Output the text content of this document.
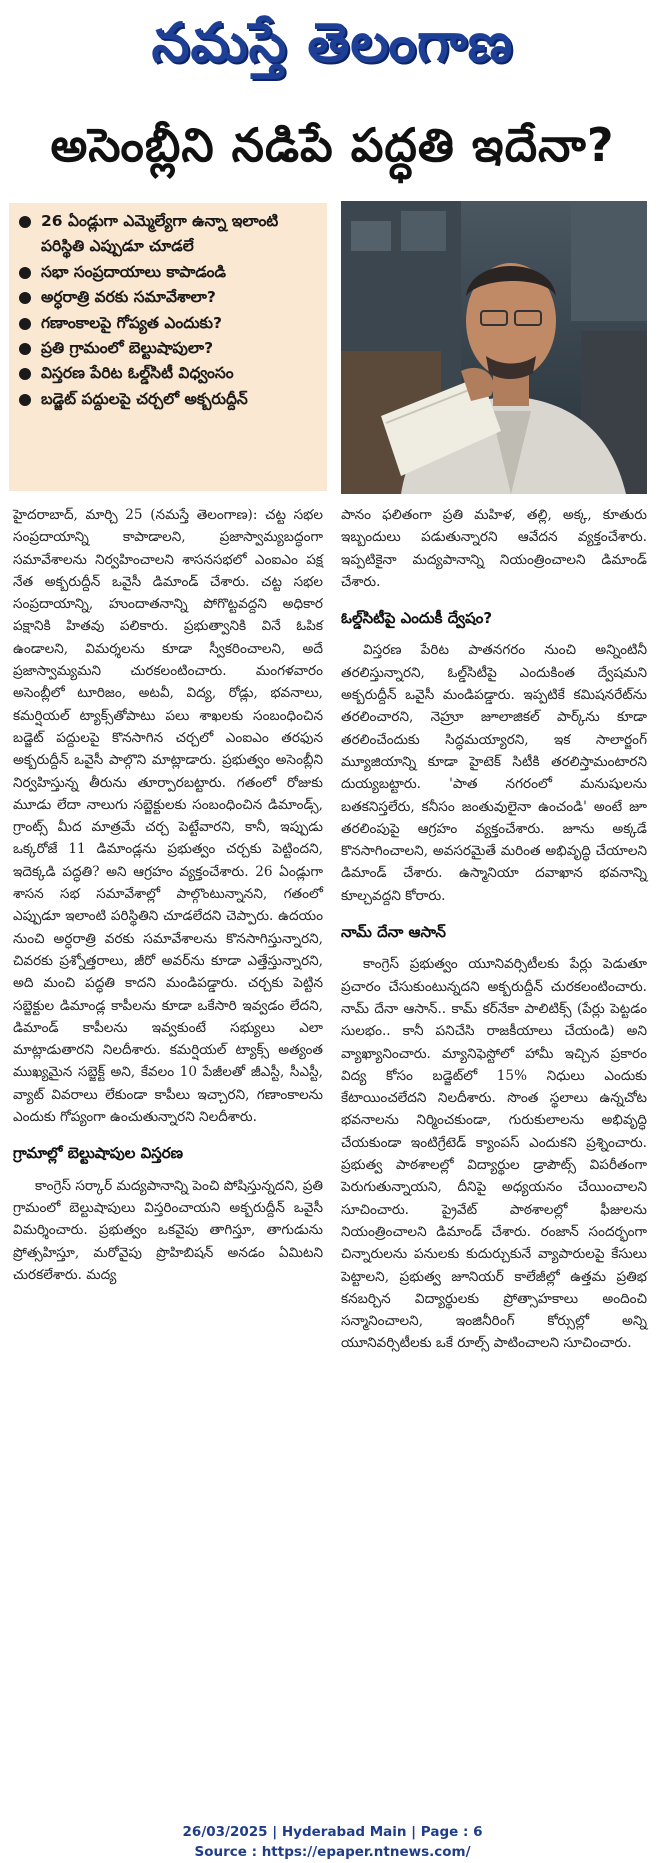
నమస్తే తెలంగాణ
అసెంబ్లీని నడిపే పద్ధతి ఇదేనా?
26 ఏండ్లుగా ఎమ్మెల్యేగా ఉన్నా ఇలాంటి పరిస్థితి ఎప్పుడూ చూడలే
సభా సంప్రదాయాలు కాపాడండి
అర్ధరాత్రి వరకు సమావేశాలా?
గణాంకాలపై గోప్యత ఎందుకు?
ప్రతి గ్రామంలో బెల్టుషాపులా?
విస్తరణ పేరిట ఓల్డ్‌సిటీ విధ్వంసం
బడ్జెట్ పద్దులపై చర్చలో అక్బరుద్దీన్

హైదరాబాద్, మార్చి 25 (నమస్తే తెలంగాణ): చట్ట సభల సంప్రదాయాన్ని కాపాడాలని, ప్రజాస్వామ్యబద్ధంగా సమావేశాలను నిర్వహించాలని శాసనసభలో ఎంఐఎం పక్ష నేత అక్బరుద్దీన్ ఒవైసీ డిమాండ్ చేశారు. చట్ట సభల సంప్రదాయాన్ని, హుందాతనాన్ని పోగొట్టవద్దని అధికార పక్షానికి హితవు పలికారు. ప్రభుత్వానికి వినే ఓపిక ఉండాలని, విమర్శలను కూడా స్వీకరించాలని, అదే ప్రజాస్వామ్యమని చురకలంటించారు. మంగళవారం అసెంబ్లీలో టూరిజం, అటవీ, విద్య, రోడ్లు, భవనాలు, కమర్షియల్ ట్యాక్స్‌తోపాటు పలు శాఖలకు సంబంధించిన బడ్జెట్ పద్దులపై కొనసాగిన చర్చలో ఎంఐఎం తరఫున అక్బరుద్దీన్ ఒవైసీ పాల్గొని మాట్లాడారు. ప్రభుత్వం అసెంబ్లీని నిర్వహిస్తున్న తీరును తూర్పారబట్టారు. గతంలో రోజుకు మూడు లేదా నాలుగు సబ్జెక్టులకు సంబంధించిన డిమాండ్స్, గ్రాంట్స్ మీద మాత్రమే చర్చ పెట్టేవారని, కానీ, ఇప్పుడు ఒక్కరోజే 11 డిమాండ్లను ప్రభుత్వం చర్చకు పెట్టిందని, ఇదెక్కడి పద్ధతి? అని ఆగ్రహం వ్యక్తంచేశారు. 26 ఏండ్లుగా శాసన సభ సమావేశాల్లో పాల్గొంటున్నానని, గతంలో ఎప్పుడూ ఇలాంటి పరిస్థితిని చూడలేదని చెప్పారు. ఉదయం నుంచి అర్ధరాత్రి వరకు సమావేశాలను కొనసాగిస్తున్నారని, చివరకు ప్రశ్నోత్తరాలు, జీరో అవర్‌ను కూడా ఎత్తేస్తున్నారని, అది మంచి పద్ధతి కాదని మండిపడ్డారు. చర్చకు పెట్టిన సబ్జెక్టుల డిమాండ్ల కాపీలను కూడా ఒకేసారి ఇవ్వడం లేదని, డిమాండ్ కాపీలను ఇవ్వకుంటే సభ్యులు ఎలా మాట్లాడుతారని నిలదీశారు. కమర్షియల్ ట్యాక్స్ అత్యంత ముఖ్యమైన సబ్జెక్ట్ అని, కేవలం 10 పేజీలతో జీఎస్టీ, సీఎస్టీ, వ్యాట్ వివరాలు లేకుండా కాపీలు ఇచ్చారని, గణాంకాలను ఎందుకు గోప్యంగా ఉంచుతున్నారని నిలదీశారు.

గ్రామాల్లో బెల్టుషాపుల విస్తరణ

కాంగ్రెస్ సర్కార్ మద్యపానాన్ని పెంచి పోషిస్తున్నదని, ప్రతి గ్రామంలో బెల్టుషాపులు విస్తరించాయని అక్బరుద్దీన్ ఒవైసీ విమర్శించారు. ప్రభుత్వం ఒకవైపు తాగిస్తూ, తాగుడును ప్రోత్సహిస్తూ, మరోవైపు ప్రొహిబిషన్ అనడం ఏమిటని చురకలేశారు. మద్య

పానం ఫలితంగా ప్రతి మహిళ, తల్లి, అక్క, కూతురు ఇబ్బందులు పడుతున్నారని ఆవేదన వ్యక్తంచేశారు. ఇప్పటికైనా మద్యపానాన్ని నియంత్రించాలని డిమాండ్ చేశారు.

ఓల్డ్‌సిటీపై ఎందుకీ ద్వేషం?

విస్తరణ పేరిట పాతనగరం నుంచి అన్నింటినీ తరలిస్తున్నారని, ఓల్డ్‌సిటీపై ఎందుకింత ద్వేషమని అక్బరుద్దీన్ ఒవైసీ మండిపడ్డారు. ఇప్పటికే కమిషనరేట్‌ను తరలించారని, నెహ్రూ జూలాజికల్ పార్క్‌ను కూడా తరలించేందుకు సిద్ధమయ్యారని, ఇక సాలార్జంగ్ మ్యూజియాన్ని కూడా హైటెక్ సిటీకి తరలిస్తామంటారని దుయ్యబట్టారు. 'పాత నగరంలో మనుషులను బతకనిస్తలేరు, కనీసం జంతువులైనా ఉంచండి' అంటే జూ తరలింపుపై ఆగ్రహం వ్యక్తంచేశారు. జూను అక్కడే కొనసాగించాలని, అవసరమైతే మరింత అభివృద్ధి చేయాలని డిమాండ్ చేశారు. ఉస్మానియా దవాఖాన భవనాన్ని కూల్చవద్దని కోరారు.

నామ్ దేనా ఆసాన్

కాంగ్రెస్ ప్రభుత్వం యూనివర్సిటీలకు పేర్లు పెడుతూ ప్రచారం చేసుకుంటున్నదని అక్బరుద్దీన్ చురకలంటించారు. నామ్ దేనా ఆసాన్.. కామ్ కర్‌నేకా పాలిటిక్స్ (పేర్లు పెట్టడం సులభం.. కానీ పనిచేసి రాజకీయాలు చేయండి) అని వ్యాఖ్యానించారు. మ్యానిఫెస్టోలో హామీ ఇచ్చిన ప్రకారం విద్య కోసం బడ్జెట్‌లో 15% నిధులు ఎందుకు కేటాయించలేదని నిలదీశారు. సొంత స్థలాలు ఉన్నచోట భవనాలను నిర్మించకుండా, గురుకులాలను అభివృద్ధి చేయకుండా ఇంటిగ్రేటెడ్ క్యాంపస్ ఎందుకని ప్రశ్నించారు. ప్రభుత్వ పాఠశాలల్లో విద్యార్థుల డ్రాపౌట్స్ విపరీతంగా పెరుగుతున్నాయని, దీనిపై అధ్యయనం చేయించాలని సూచించారు. ప్రైవేట్ పాఠశాలల్లో ఫీజులను నియంత్రించాలని డిమాండ్ చేశారు. రంజాన్ సందర్భంగా చిన్నారులను పనులకు కుదుర్చుకునే వ్యాపారులపై కేసులు పెట్టాలని, ప్రభుత్వ జూనియర్ కాలేజీల్లో ఉత్తమ ప్రతిభ కనబర్చిన విద్యార్థులకు ప్రోత్సాహకాలు అందించి సన్మానించాలని, ఇంజినీరింగ్ కోర్సుల్లో అన్ని యూనివర్సిటీలకు ఒకే రూల్స్ పాటించాలని సూచించారు.

26/03/2025 | Hyderabad Main | Page : 6
Source : https://epaper.ntnews.com/
